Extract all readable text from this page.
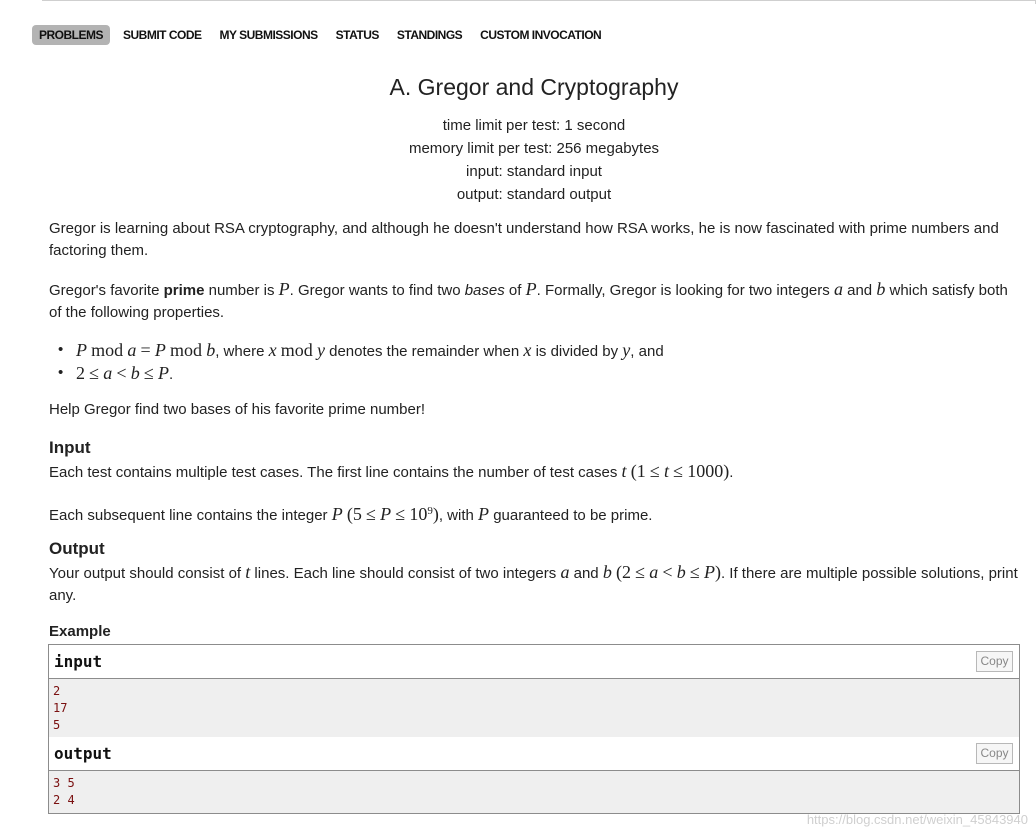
PROBLEMS	SUBMIT CODE	MY SUBMISSIONS	STATUS	STANDINGS	CUSTOM INVOCATION
A. Gregor and Cryptography
time limit per test: 1 second
memory limit per test: 256 megabytes
input: standard input
output: standard output
Gregor is learning about RSA cryptography, and although he doesn't understand how RSA works, he is now fascinated with prime numbers and factoring them.
Gregor's favorite prime number is P. Gregor wants to find two bases of P. Formally, Gregor is looking for two integers a and b which satisfy both of the following properties.
• P mod a = P mod b, where x mod y denotes the remainder when x is divided by y, and
• 2 ≤ a < b ≤ P.
Help Gregor find two bases of his favorite prime number!
Input
Each test contains multiple test cases. The first line contains the number of test cases t (1 ≤ t ≤ 1000).
Each subsequent line contains the integer P $(5 \le P \le 10^9)$, with P guaranteed to be prime.
Output
Your output should consist of t lines. Each line should consist of two integers a and b (2 ≤ a < b ≤ P). If there are multiple possible solutions, print any.
Example
input	Copy
2
17
5
output	Copy
3 5
2 4
https://blog.csdn.net/weixin_45843940
